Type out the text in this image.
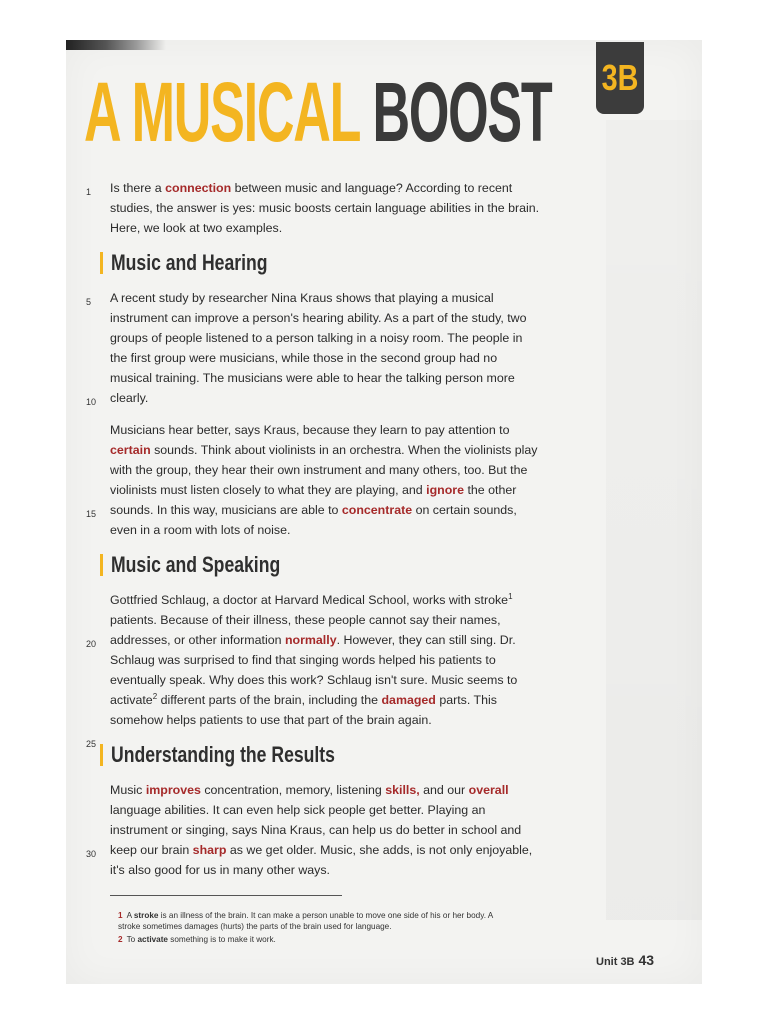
A MUSICAL BOOST 3B

1 Is there a connection between music and language? According to recent studies, the answer is yes: music boosts certain language abilities in the brain. Here, we look at two examples.

Music and Hearing

5
10
A recent study by researcher Nina Kraus shows that playing a musical instrument can improve a person's hearing ability. As a part of the study, two groups of people listened to a person talking in a noisy room. The people in the first group were musicians, while those in the second group had no musical training. The musicians were able to hear the talking person more clearly.

15
Musicians hear better, says Kraus, because they learn to pay attention to certain sounds. Think about violinists in an orchestra. When the violinists play with the group, they hear their own instrument and many others, too. But the violinists must listen closely to what they are playing, and ignore the other sounds. In this way, musicians are able to concentrate on certain sounds, even in a room with lots of noise.

Music and Speaking

20
25
Gottfried Schlaug, a doctor at Harvard Medical School, works with stroke$^1$ patients. Because of their illness, these people cannot say their names, addresses, or other information normally. However, they can still sing. Dr. Schlaug was surprised to find that singing words helped his patients to eventually speak. Why does this work? Schlaug isn't sure. Music seems to activate$^2$ different parts of the brain, including the damaged parts. This somehow helps patients to use that part of the brain again.

Understanding the Results

30
Music improves concentration, memory, listening skills, and our overall language abilities. It can even help sick people get better. Playing an instrument or singing, says Nina Kraus, can help us do better in school and keep our brain sharp as we get older. Music, she adds, is not only enjoyable, it's also good for us in many other ways.

1 A stroke is an illness of the brain. It can make a person unable to move one side of his or her body. A stroke sometimes damages (hurts) the parts of the brain used for language.
2 To activate something is to make it work.
Unit 3B 43
